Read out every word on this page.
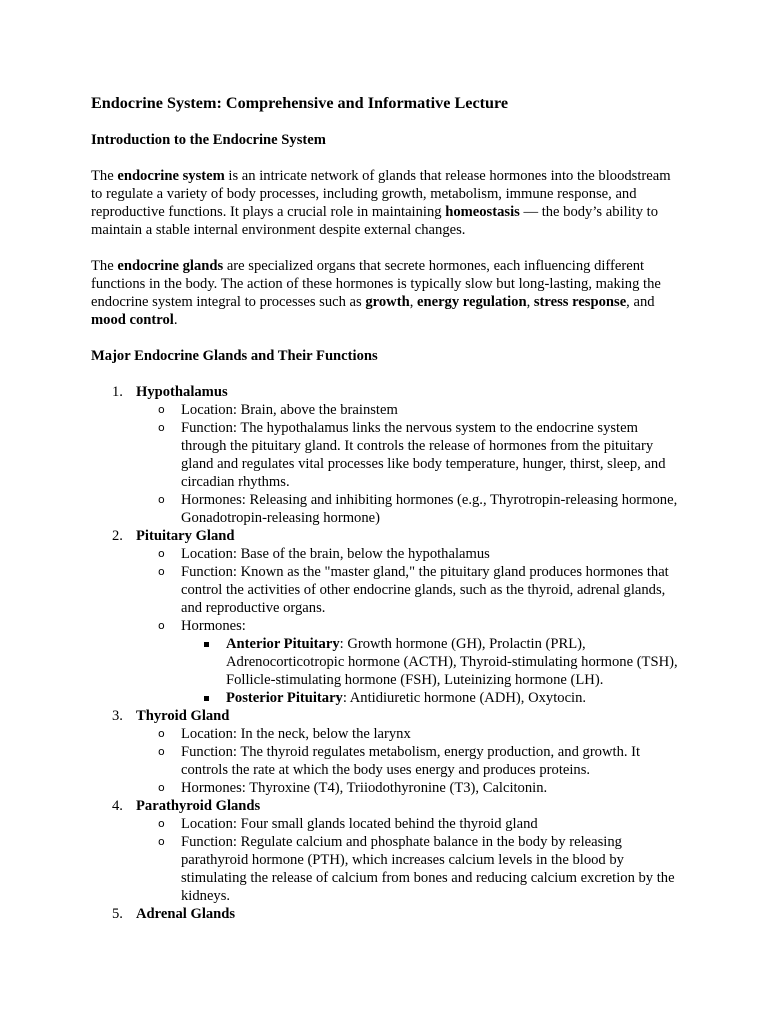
Endocrine System: Comprehensive and Informative Lecture
Introduction to the Endocrine System

The endocrine system is an intricate network of glands that release hormones into the bloodstream to regulate a variety of body processes, including growth, metabolism, immune response, and reproductive functions. It plays a crucial role in maintaining homeostasis — the body’s ability to maintain a stable internal environment despite external changes.

The endocrine glands are specialized organs that secrete hormones, each influencing different functions in the body. The action of these hormones is typically slow but long-lasting, making the endocrine system integral to processes such as growth, energy regulation, stress response, and mood control.

Major Endocrine Glands and Their Functions
1. Hypothalamus
o Location: Brain, above the brainstem
o Function: The hypothalamus links the nervous system to the endocrine system through the pituitary gland. It controls the release of hormones from the pituitary gland and regulates vital processes like body temperature, hunger, thirst, sleep, and circadian rhythms.
o Hormones: Releasing and inhibiting hormones (e.g., Thyrotropin-releasing hormone, Gonadotropin-releasing hormone)
2. Pituitary Gland
o Location: Base of the brain, below the hypothalamus
o Function: Known as the "master gland," the pituitary gland produces hormones that control the activities of other endocrine glands, such as the thyroid, adrenal glands, and reproductive organs.
o Hormones:
Anterior Pituitary: Growth hormone (GH), Prolactin (PRL), Adrenocorticotropic hormone (ACTH), Thyroid-stimulating hormone (TSH), Follicle-stimulating hormone (FSH), Luteinizing hormone (LH).
Posterior Pituitary: Antidiuretic hormone (ADH), Oxytocin.
3. Thyroid Gland
o Location: In the neck, below the larynx
o Function: The thyroid regulates metabolism, energy production, and growth. It controls the rate at which the body uses energy and produces proteins.
o Hormones: Thyroxine (T4), Triiodothyronine (T3), Calcitonin.
4. Parathyroid Glands
o Location: Four small glands located behind the thyroid gland
o Function: Regulate calcium and phosphate balance in the body by releasing parathyroid hormone (PTH), which increases calcium levels in the blood by stimulating the release of calcium from bones and reducing calcium excretion by the kidneys.
5. Adrenal Glands
